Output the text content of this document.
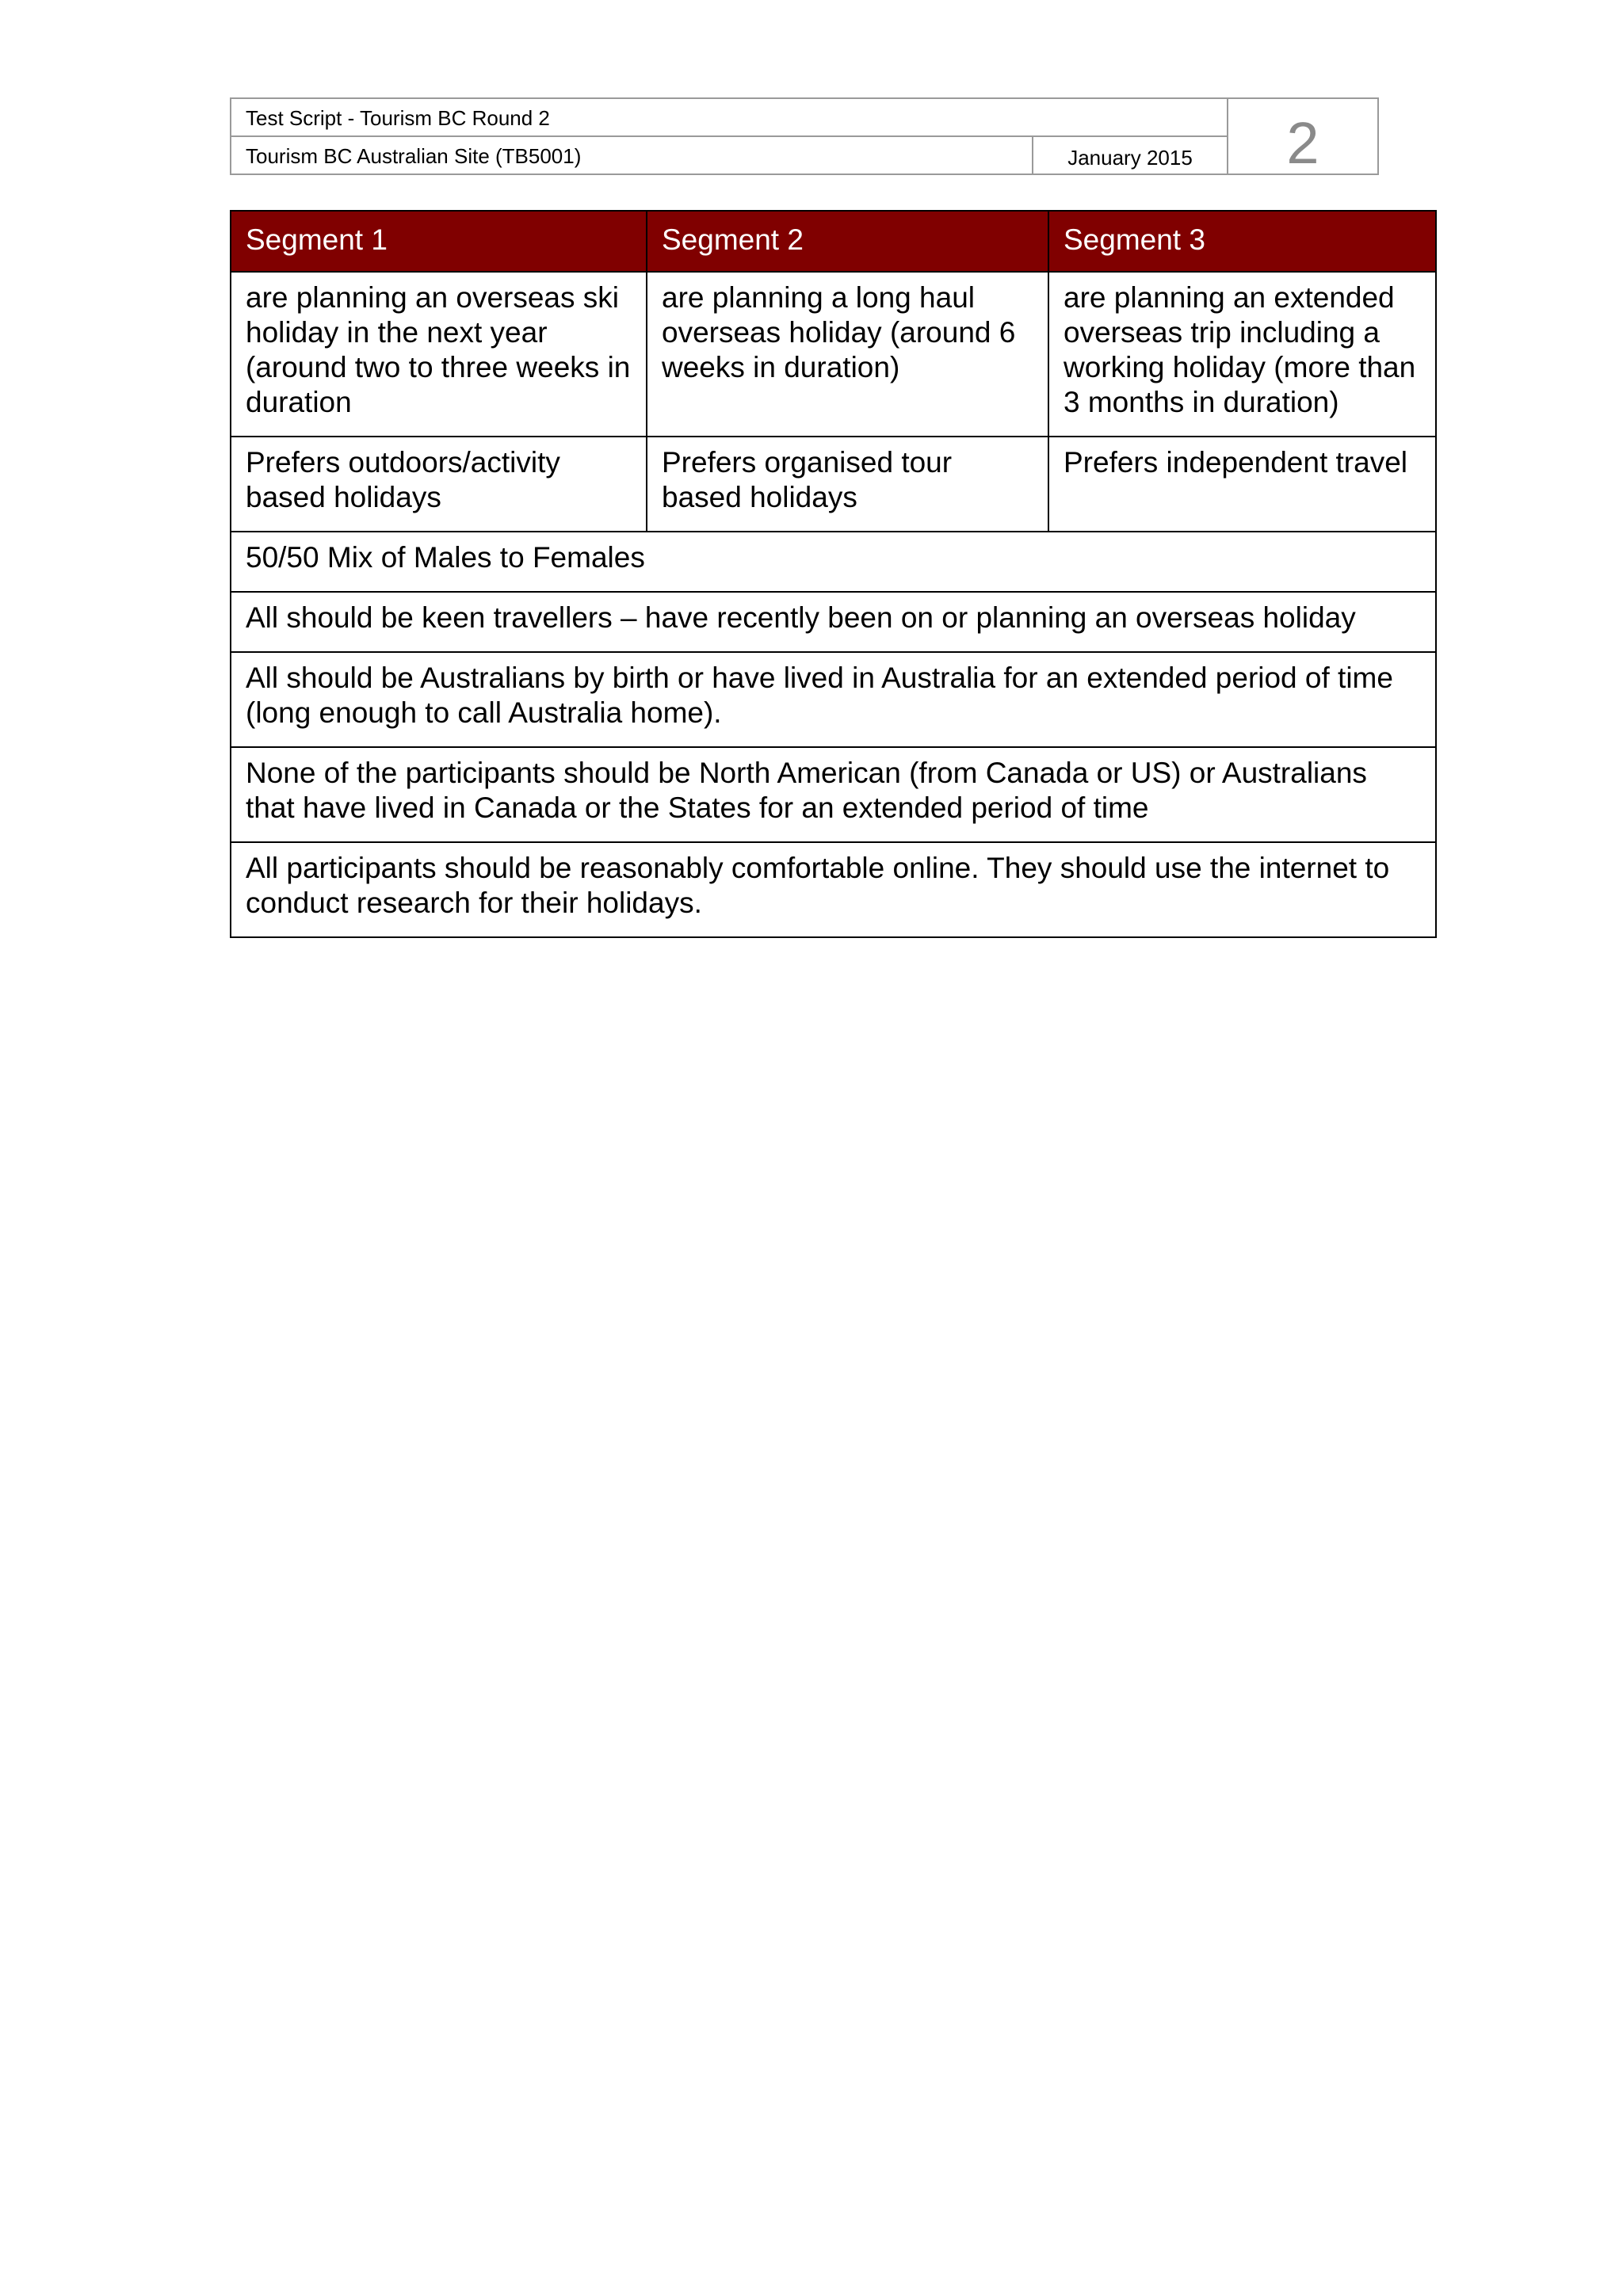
Test Script - Tourism BC Round 2
Tourism BC Australian Site (TB5001)	January 2015	2
Segment 1	Segment 2	Segment 3
are planning an overseas ski holiday in the next year (around two to three weeks in duration	are planning a long haul overseas holiday (around 6 weeks in duration)	are planning an extended overseas trip including a working holiday (more than 3 months in duration)
Prefers outdoors/activity based holidays	Prefers organised tour based holidays	Prefers independent travel
50/50 Mix of Males to Females		
All should be keen travellers – have recently been on or planning an overseas holiday		
All should be Australians by birth or have lived in Australia for an extended period of time (long enough to call Australia home).		
None of the participants should be North American (from Canada or US) or Australians that have lived in Canada or the States for an extended period of time		
All participants should be reasonably comfortable online. They should use the internet to conduct research for their holidays.		
